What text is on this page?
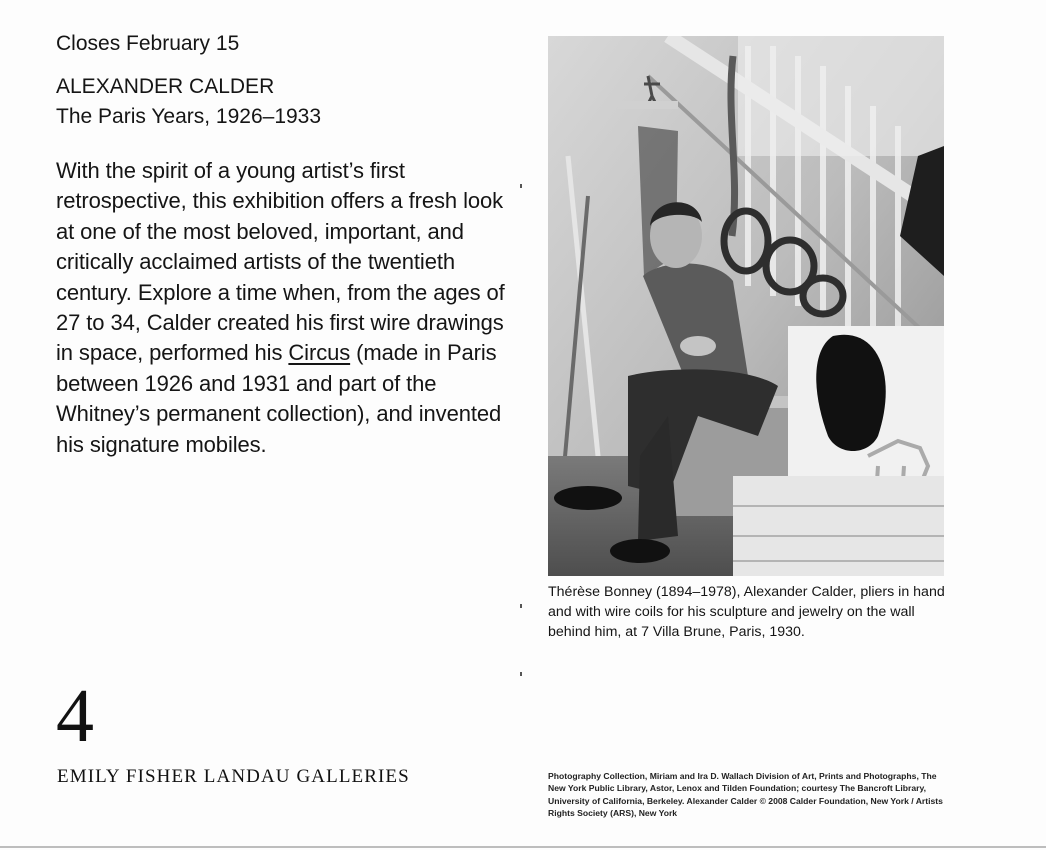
Closes February 15

ALEXANDER CALDER

The Paris Years, 1926–1933

With the spirit of a young artist’s first retrospective, this exhibition offers a fresh look at one of the most beloved, important, and critically acclaimed artists of the twentieth century. Explore a time when, from the ages of 27 to 34, Calder created his first wire drawings in space, performed his Circus (made in Paris between 1926 and 1931 and part of the Whitney’s permanent collection), and invented his signature mobiles.
4
EMILY FISHER LANDAU GALLERIES
Thérèse Bonney (1894–1978), Alexander Calder, pliers in hand and with wire coils for his sculpture and jewelry on the wall behind him, at 7 Villa Brune, Paris, 1930.
Photography Collection, Miriam and Ira D. Wallach Division of Art, Prints and Photographs, The New York Public Library, Astor, Lenox and Tilden Foundation; courtesy The Bancroft Library, University of California, Berkeley. Alexander Calder © 2008 Calder Foundation, New York / Artists Rights Society (ARS), New York
